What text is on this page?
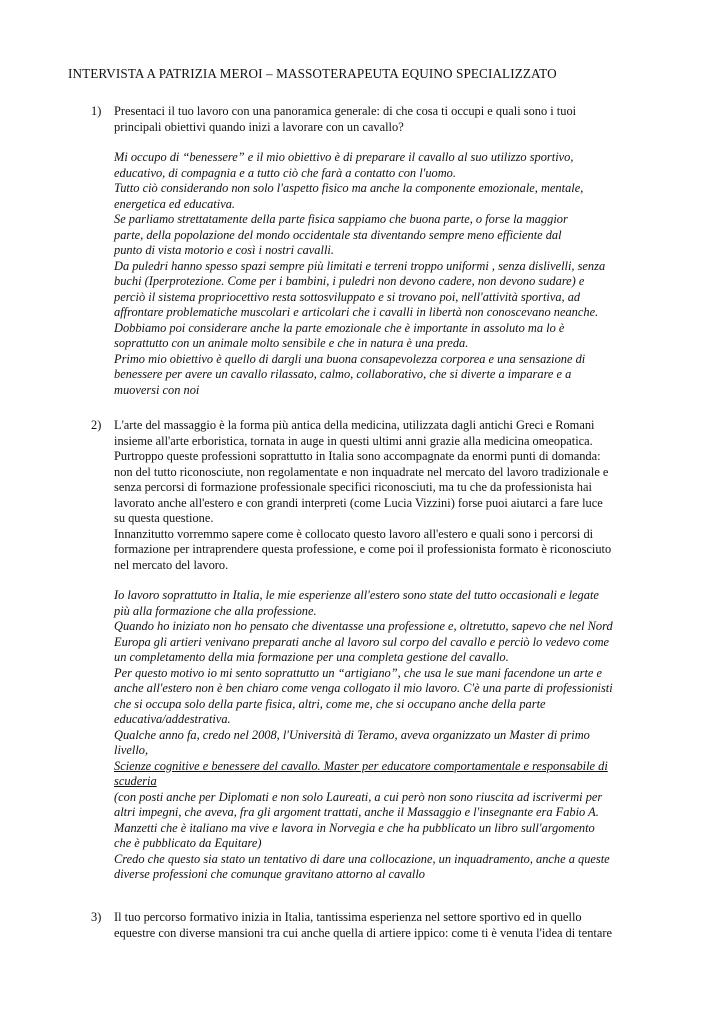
INTERVISTA A PATRIZIA MEROI – MASSOTERAPEUTA EQUINO SPECIALIZZATO
1) Presentaci il tuo lavoro con una panoramica generale: di che cosa ti occupi e quali sono i tuoi
principali obiettivi quando inizi a lavorare con un cavallo?
Mi occupo di “benessere” e il mio obiettivo è di preparare il cavallo al suo utilizzo sportivo,
educativo, di compagnia e a tutto ciò che farà a contatto con l'uomo.
Tutto ciò considerando non solo l'aspetto fisico ma anche la componente emozionale, mentale,
energetica ed educativa.
Se parliamo strettatamente della parte fisica sappiamo che buona parte, o forse la maggior
parte, della popolazione del mondo occidentale sta diventando sempre meno efficiente dal
punto di vista motorio e così i nostri cavalli.
Da puledri hanno spesso spazi sempre più limitati e terreni troppo uniformi , senza dislivelli, senza
buchi (Iperprotezione. Come per i bambini, i puledri non devono cadere, non devono sudare) e
perciò il sistema propriocettivo resta sottosviluppato e si trovano poi, nell'attività sportiva, ad
affrontare problematiche muscolari e articolari che i cavalli in libertà non conoscevano neanche.
Dobbiamo poi considerare anche la parte emozionale che è importante in assoluto ma lo è
soprattutto con un animale molto sensibile e che in natura è una preda.
Primo mio obiettivo è quello di dargli una buona consapevolezza corporea e una sensazione di
benessere per avere un cavallo rilassato, calmo, collaborativo, che si diverte a imparare e a
muoversi con noi
2) L'arte del massaggio è la forma più antica della medicina, utilizzata dagli antichi Greci e Romani
insieme all'arte erboristica, tornata in auge in questi ultimi anni grazie alla medicina omeopatica.
Purtroppo queste professioni soprattutto in Italia sono accompagnate da enormi punti di domanda:
non del tutto riconosciute, non regolamentate e non inquadrate nel mercato del lavoro tradizionale e
senza percorsi di formazione professionale specifici riconosciuti, ma tu che da professionista hai
lavorato anche all'estero e con grandi interpreti (come Lucia Vizzini) forse puoi aiutarci a fare luce
su questa questione.
Innanzitutto vorremmo sapere come è collocato questo lavoro all'estero e quali sono i percorsi di
formazione per intraprendere questa professione, e come poi il professionista formato è riconosciuto
nel mercato del lavoro.
Io lavoro soprattutto in Italia, le mie esperienze all'estero sono state del tutto occasionali e legate
più alla formazione che alla professione.
Quando ho iniziato non ho pensato che diventasse una professione e, oltretutto, sapevo che nel Nord
Europa gli artieri venivano preparati anche al lavoro sul corpo del cavallo e perciò lo vedevo come
un completamento della mia formazione per una completa gestione del cavallo.
Per questo motivo io mi sento soprattutto un “artigiano”, che usa le sue mani facendone un arte e
anche all'estero non è ben chiaro come venga collogato il mio lavoro. C'è una parte di professionisti
che si occupa solo della parte fisica, altri, come me, che si occupano anche della parte
educativa/addestrativa.
Qualche anno fa, credo nel 2008, l'Università di Teramo, aveva organizzato un Master di primo
livello,
Scienze cognitive e benessere del cavallo. Master per educatore comportamentale e responsabile di
scuderia
(con posti anche per Diplomati e non solo Laureati, a cui però non sono riuscita ad iscrivermi per
altri impegni, che aveva, fra gli argoment trattati, anche il Massaggio e l'insegnante era Fabio A.
Manzetti che è italiano ma vive e lavora in Norvegia e che ha pubblicato un libro sull'argomento
che è pubblicato da Equitare)
Credo che questo sia stato un tentativo di dare una collocazione, un inquadramento, anche a queste
diverse professioni che comunque gravitano attorno al cavallo
3) Il tuo percorso formativo inizia in Italia, tantissima esperienza nel settore sportivo ed in quello
equestre con diverse mansioni tra cui anche quella di artiere ippico: come ti è venuta l'idea di tentare
